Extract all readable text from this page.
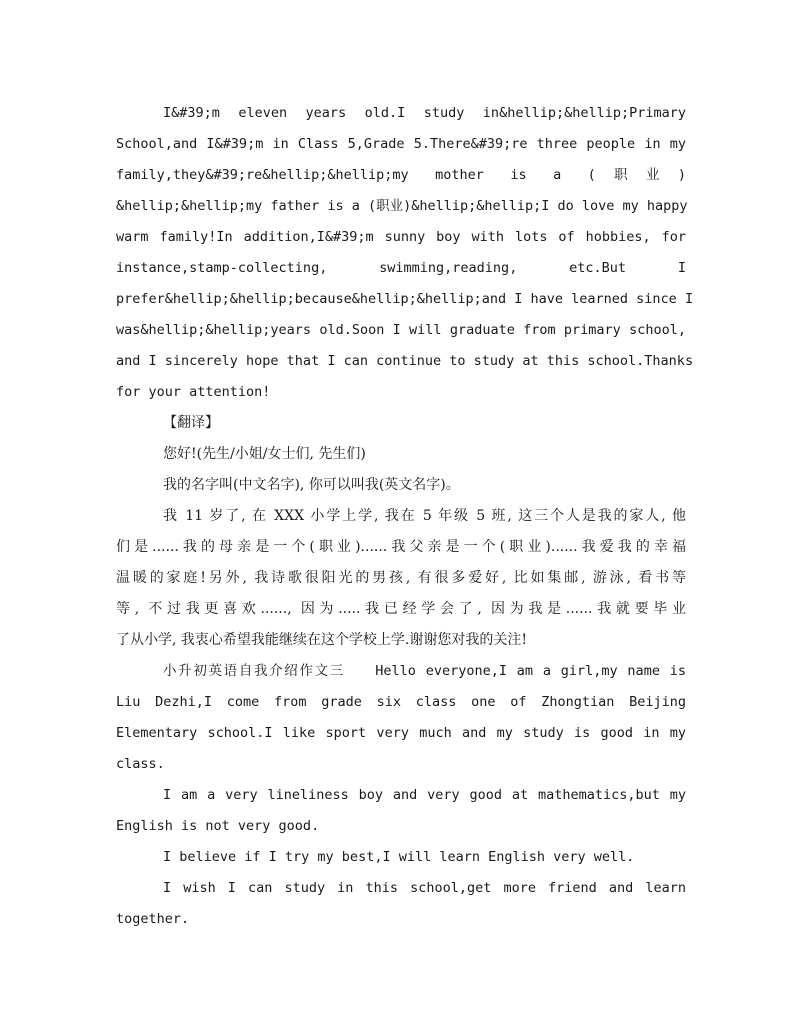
I&#39;m eleven years old.I study in&hellip;&hellip;Primary
School,and I&#39;m in Class 5,Grade 5.There&#39;re three people in my
family,they&#39;re&hellip;&hellip;my mother is a (职业)
&hellip;&hellip;my father is a (职业)&hellip;&hellip;I do love my happy
warm family!In addition,I&#39;m sunny boy with lots of hobbies, for
instance,stamp-collecting, swimming,reading, etc.But I
prefer&hellip;&hellip;because&hellip;&hellip;and I have learned since I
was&hellip;&hellip;years old.Soon I will graduate from primary school,
and I sincerely hope that I can continue to study at this school.Thanks
for your attention!
【翻译】
您好!(先生/小姐/女士们, 先生们)
我的名字叫(中文名字), 你可以叫我(英文名字)。
我 11 岁了, 在 XXX 小学上学, 我在 5 年级 5 班, 这三个人是我的家人, 他
们是......我的母亲是一个(职业)......我父亲是一个(职业)......我爱我的幸福
温暖的家庭!另外, 我诗歌很阳光的男孩, 有很多爱好, 比如集邮, 游泳, 看书等
等, 不过我更喜欢......, 因为.....我已经学会了, 因为我是......我就要毕业
了从小学, 我衷心希望我能继续在这个学校上学.谢谢您对我的关注!
小升初英语自我介绍作文三　　Hello everyone,I am a girl,my name is
Liu Dezhi,I come from grade six class one of Zhongtian Beijing
Elementary school.I like sport very much and my study is good in my
class.
I am a very lineliness boy and very good at mathematics,but my
English is not very good.
I believe if I try my best,I will learn English very well.
I wish I can study in this school,get more friend and learn
together.
